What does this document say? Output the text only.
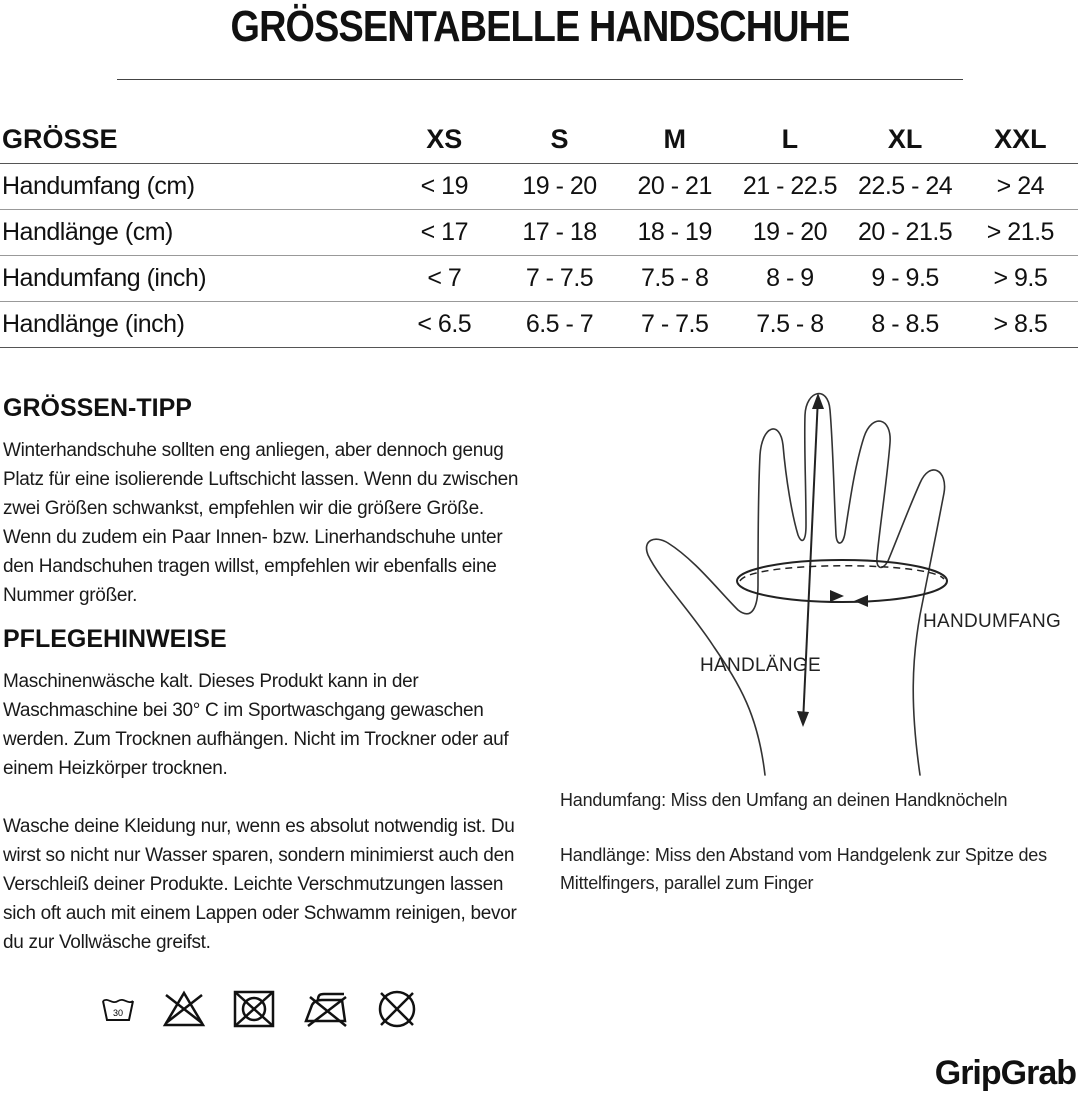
GRÖSSENTABELLE HANDSCHUHE
GRÖSSE	XS	S	M	L	XL	XXL
Handumfang (cm)	< 19	19 - 20	20 - 21	21 - 22.5	22.5 - 24	> 24
Handlänge (cm)	< 17	17 - 18	18 - 19	19 - 20	20 - 21.5	> 21.5
Handumfang (inch)	< 7	7 - 7.5	7.5 - 8	8 - 9	9 - 9.5	> 9.5
Handlänge (inch)	< 6.5	6.5 - 7	7 - 7.5	7.5 - 8	8 - 8.5	> 8.5
GRÖSSEN-TIPP

Winterhandschuhe sollten eng anliegen, aber dennoch genug Platz für eine isolierende Luftschicht lassen. Wenn du zwischen zwei Größen schwankst, empfehlen wir die größere Größe. Wenn du zudem ein Paar Innen- bzw. Linerhandschuhe unter den Handschuhen tragen willst, empfehlen wir ebenfalls eine Nummer größer.

PFLEGEHINWEISE

Maschinenwäsche kalt. Dieses Produkt kann in der Waschmaschine bei 30° C im Sportwaschgang gewaschen werden. Zum Trocknen aufhängen. Nicht im Trockner oder auf einem Heizkörper trocknen.

Wasche deine Kleidung nur, wenn es absolut notwendig ist. Du wirst so nicht nur Wasser sparen, sondern minimierst auch den Verschleiß deiner Produkte. Leichte Verschmutzungen lassen sich oft auch mit einem Lappen oder Schwamm reinigen, bevor du zur Vollwäsche greifst.

HANDLÄNGE
HANDUMFANG

Handumfang: Miss den Umfang an deinen Handknöcheln

Handlänge: Miss den Abstand vom Handgelenk zur Spitze des Mittelfingers, parallel zum Finger

30
GripGrab
